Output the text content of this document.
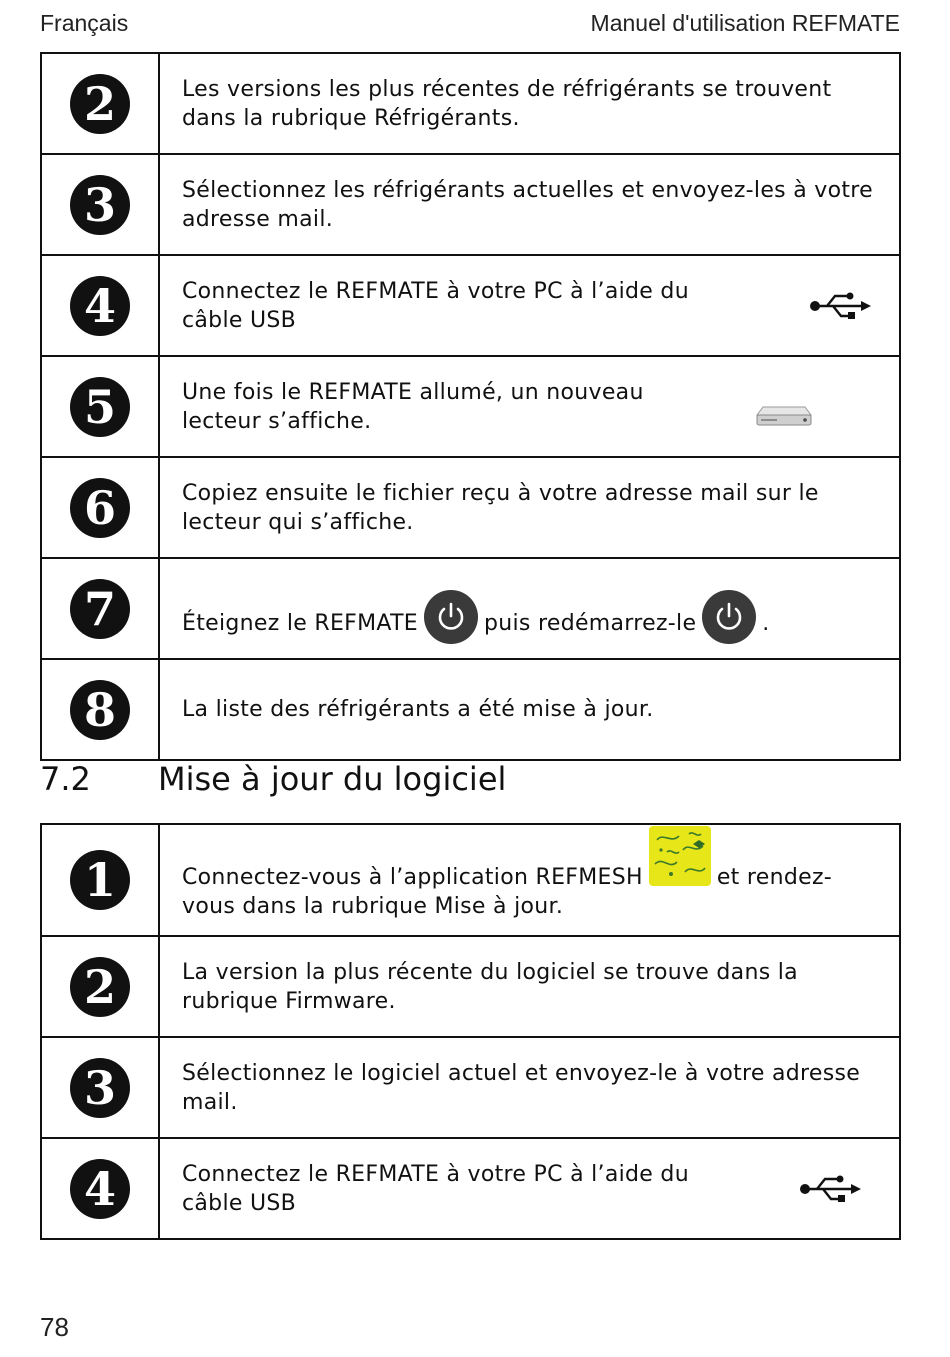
Français	Manuel d'utilisation REFMATE
2	Les versions les plus récentes de réfrigérants se trouvent dans la rubrique Réfrigérants.
3	Sélectionnez les réfrigérants actuelles et envoyez-les à votre adresse mail.
4	Connectez le REFMATE à votre PC à l’aide du câble USB

5	Une fois le REFMATE allumé, un nouveau lecteur s’affiche.

6	Copiez ensuite le fichier reçu à votre adresse mail sur le lecteur qui s’affiche.
7	Éteignez le REFMATE puis redémarrez-le .
8	La liste des réfrigérants a été mise à jour.
7.2 Mise à jour du logiciel
1	Connectez-vous à l’application REFMESH et rendez-vous dans la rubrique Mise à jour.
2	La version la plus récente du logiciel se trouve dans la rubrique Firmware.
3	Sélectionnez le logiciel actuel et envoyez-le à votre adresse mail.
4	Connectez le REFMATE à votre PC à l’aide du câble USB
78
